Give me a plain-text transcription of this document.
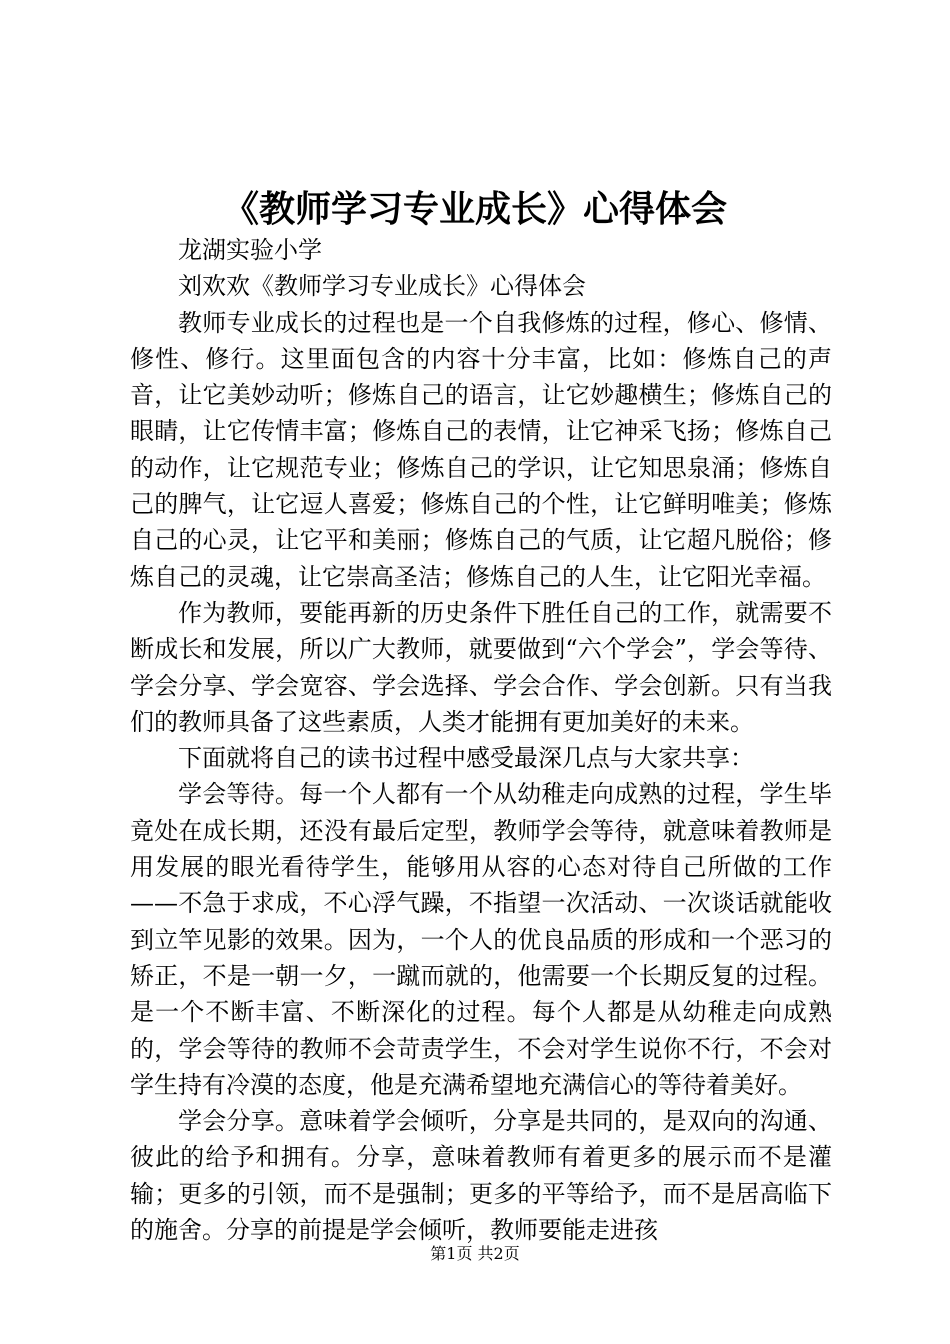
《教师学习专业成长》心得体会

龙湖实验小学

刘欢欢《教师学习专业成长》心得体会

教师专业成长的过程也是一个自我修炼的过程，修心、修情、修性、修行。这里面包含的内容十分丰富，比如：修炼自己的声音，让它美妙动听；修炼自己的语言，让它妙趣横生；修炼自己的眼睛，让它传情丰富；修炼自己的表情，让它神采飞扬；修炼自己的动作，让它规范专业；修炼自己的学识，让它知思泉涌；修炼自己的脾气，让它逗人喜爱；修炼自己的个性，让它鲜明唯美；修炼自己的心灵，让它平和美丽；修炼自己的气质，让它超凡脱俗；修炼自己的灵魂，让它崇高圣洁；修炼自己的人生，让它阳光幸福。

作为教师，要能再新的历史条件下胜任自己的工作，就需要不断成长和发展，所以广大教师，就要做到“六个学会”，学会等待、学会分享、学会宽容、学会选择、学会合作、学会创新。只有当我们的教师具备了这些素质，人类才能拥有更加美好的未来。

下面就将自己的读书过程中感受最深几点与大家共享：

学会等待。每一个人都有一个从幼稚走向成熟的过程，学生毕竟处在成长期，还没有最后定型，教师学会等待，就意味着教师是用发展的眼光看待学生，能够用从容的心态对待自己所做的工作——不急于求成，不心浮气躁，不指望一次活动、一次谈话就能收到立竿见影的效果。因为，一个人的优良品质的形成和一个恶习的矫正，不是一朝一夕，一蹴而就的，他需要一个长期反复的过程。是一个不断丰富、不断深化的过程。每个人都是从幼稚走向成熟的，学会等待的教师不会苛责学生，不会对学生说你不行，不会对学生持有冷漠的态度，他是充满希望地充满信心的等待着美好。

学会分享。意味着学会倾听，分享是共同的，是双向的沟通、彼此的给予和拥有。分享，意味着教师有着更多的展示而不是灌输；更多的引领，而不是强制；更多的平等给予，而不是居高临下的施舍。分享的前提是学会倾听，教师要能走进孩

第1页 共2页
